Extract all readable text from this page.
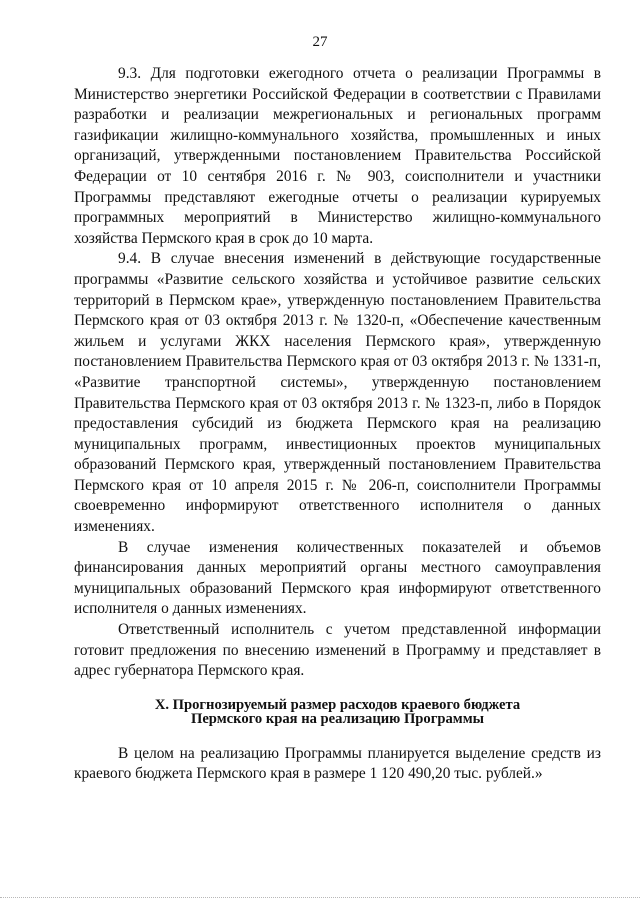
27

9.3. Для подготовки ежегодного отчета о реализации Программы в Министерство энергетики Российской Федерации в соответствии с Правилами разработки и реализации межрегиональных и региональных программ газификации жилищно-коммунального хозяйства, промышленных и иных организаций, утвержденными постановлением Правительства Российской Федерации от 10 сентября 2016 г. № 903, соисполнители и участники Программы представляют ежегодные отчеты о реализации курируемых программных мероприятий в Министерство жилищно-коммунального хозяйства Пермского края в срок до 10 марта.

9.4. В случае внесения изменений в действующие государственные программы «Развитие сельского хозяйства и устойчивое развитие сельских территорий в Пермском крае», утвержденную постановлением Правительства Пермского края от 03 октября 2013 г. № 1320-п, «Обеспечение качественным жильем и услугами ЖКХ населения Пермского края», утвержденную постановлением Правительства Пермского края от 03 октября 2013 г. № 1331-п, «Развитие транспортной системы», утвержденную постановлением Правительства Пермского края от 03 октября 2013 г. № 1323-п, либо в Порядок предоставления субсидий из бюджета Пермского края на реализацию муниципальных программ, инвестиционных проектов муниципальных образований Пермского края, утвержденный постановлением Правительства Пермского края от 10 апреля 2015 г. № 206-п, соисполнители Программы своевременно информируют ответственного исполнителя о данных изменениях.

В случае изменения количественных показателей и объемов финансирования данных мероприятий органы местного самоуправления муниципальных образований Пермского края информируют ответственного исполнителя о данных изменениях.

Ответственный исполнитель с учетом представленной информации готовит предложения по внесению изменений в Программу и представляет в адрес губернатора Пермского края.

X. Прогнозируемый размер расходов краевого бюджета
Пермского края на реализацию Программы

В целом на реализацию Программы планируется выделение средств из краевого бюджета Пермского края в размере 1 120 490,20 тыс. рублей.»
